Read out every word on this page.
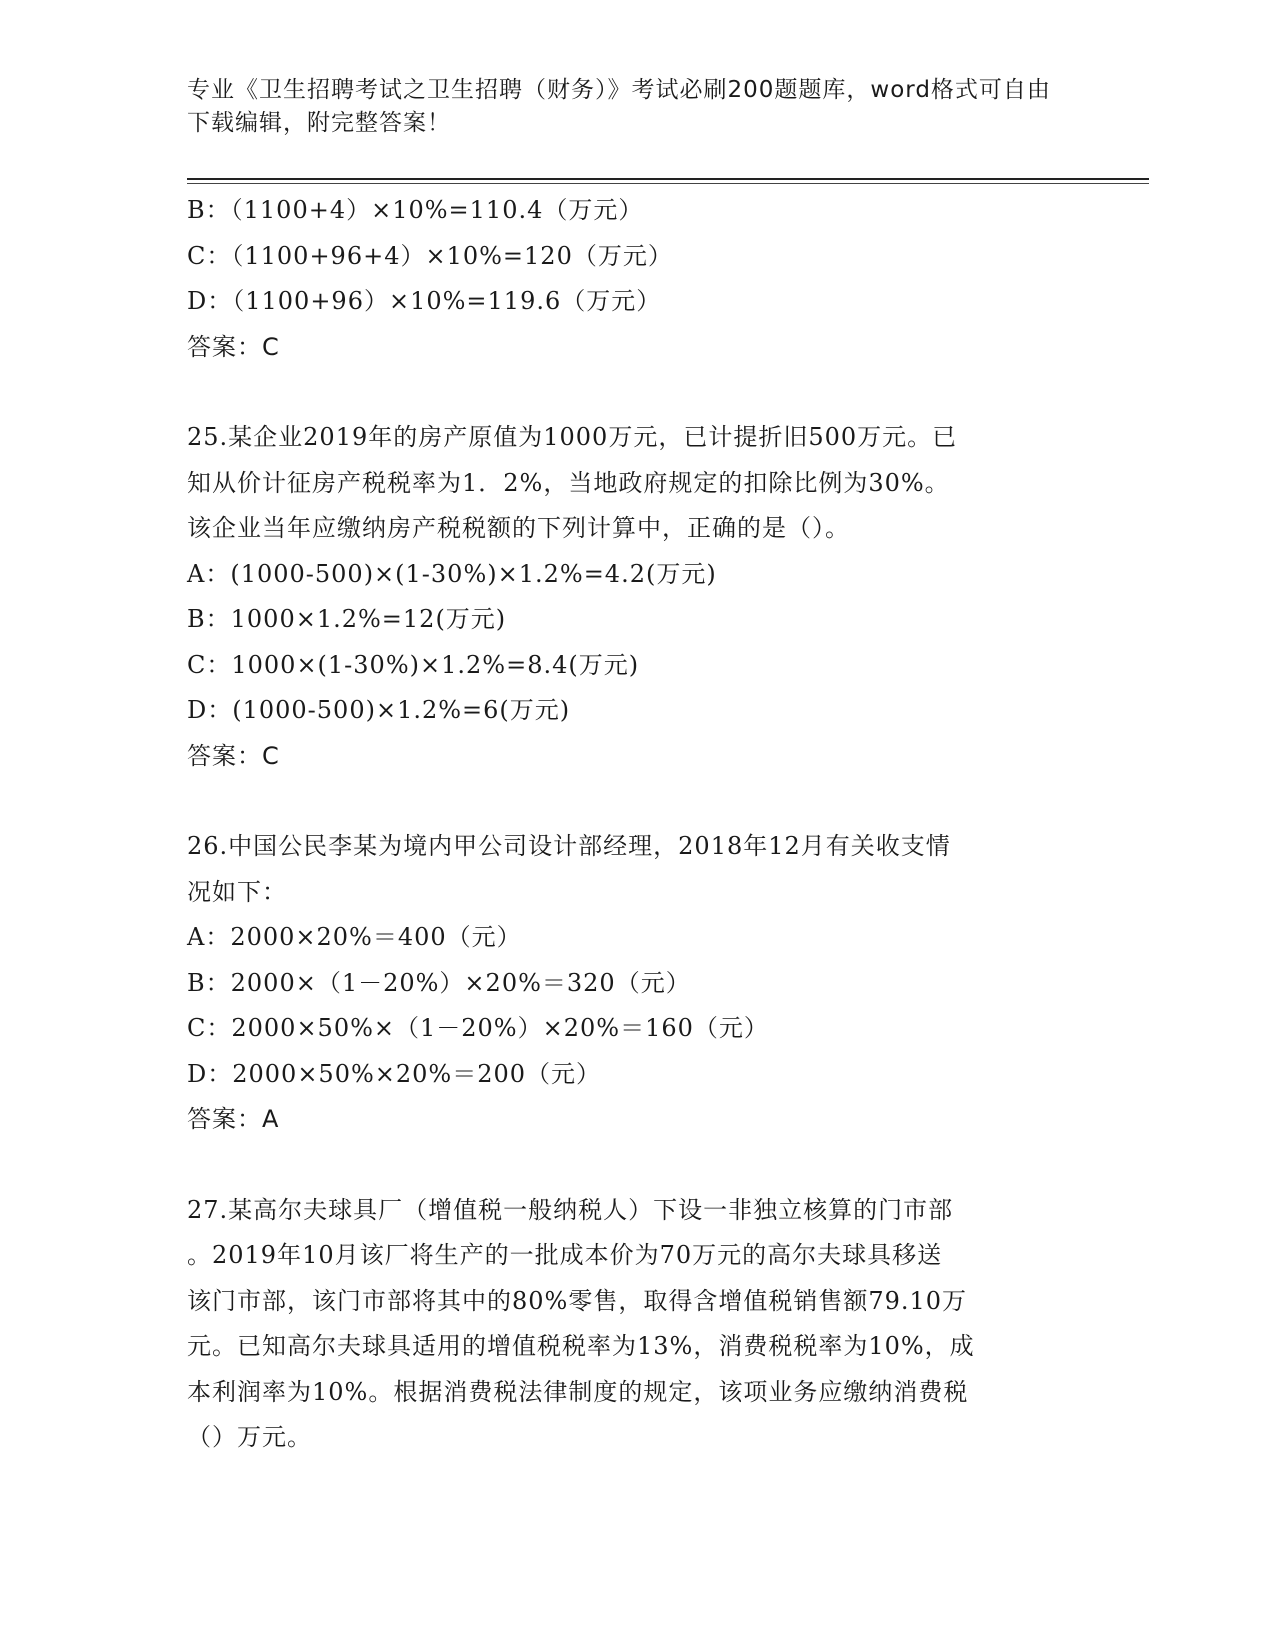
专业《卫生招聘考试之卫生招聘（财务）》考试必刷200题题库，word格式可自由下载编辑，附完整答案！
B：（1100+4）×10%=110.4（万元）
C：（1100+96+4）×10%=120（万元）
D：（1100+96）×10%=119.6（万元）
答案：C
25.某企业2019年的房产原值为1000万元，已计提折旧500万元。已
知从价计征房产税税率为1．2%，当地政府规定的扣除比例为30%。
该企业当年应缴纳房产税税额的下列计算中，正确的是（）。
A：(1000-500)×(1-30%)×1.2%=4.2(万元)
B：1000×1.2%=12(万元)
C：1000×(1-30%)×1.2%=8.4(万元)
D：(1000-500)×1.2%=6(万元)
答案：C
26.中国公民李某为境内甲公司设计部经理，2018年12月有关收支情
况如下：
A：2000×20%＝400（元）
B：2000×（1－20%）×20%＝320（元）
C：2000×50%×（1－20%）×20%＝160（元）
D：2000×50%×20%＝200（元）
答案：A
27.某高尔夫球具厂（增值税一般纳税人）下设一非独立核算的门市部
。2019年10月该厂将生产的一批成本价为70万元的高尔夫球具移送
该门市部，该门市部将其中的80%零售，取得含增值税销售额79.10万
元。已知高尔夫球具适用的增值税税率为13%，消费税税率为10%，成
本利润率为10%。根据消费税法律制度的规定，该项业务应缴纳消费税
（）万元。
